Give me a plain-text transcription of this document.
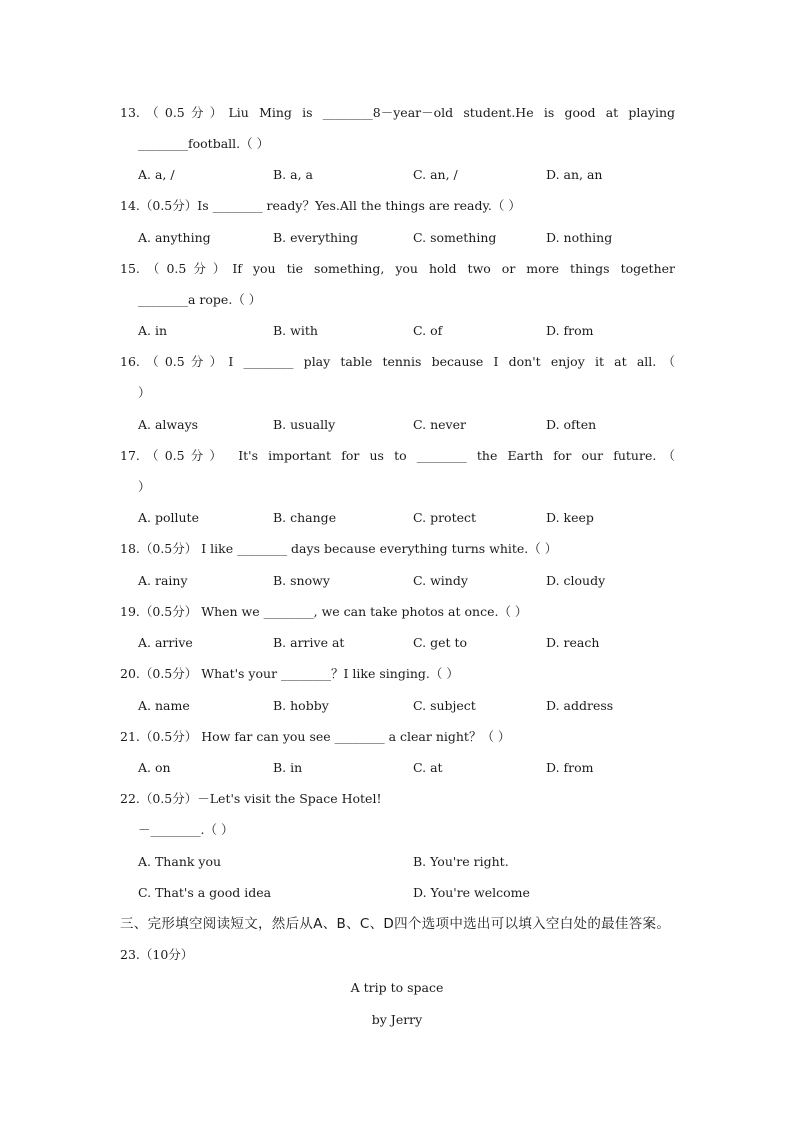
13.（0.5分）Liu Ming is ________8－year－old student.He is good at playing
________football.（ ）
A. a, /	B. a, a	C. an, /	D. an, an
14.（0.5分）Is ________ ready？Yes.All the things are ready.（ ）
A. anything	B. everything	C. something	D. nothing
15.（0.5分）If you tie something, you hold two or more things together
________a rope.（ ）
A. in	B. with	C. of	D. from
16.（0.5分）I ________ play table tennis because I don't enjoy it at all.（
）
A. always	B. usually	C. never	D. often
17.（0.5分） It's important for us to ________ the Earth for our future.（
）
A. pollute	B. change	C. protect	D. keep
18.（0.5分） I like ________ days because everything turns white.（ ）
A. rainy	B. snowy	C. windy	D. cloudy
19.（0.5分） When we ________, we can take photos at once.（ ）
A. arrive	B. arrive at	C. get to	D. reach
20.（0.5分） What's your ________？I like singing.（ ）
A. name	B. hobby	C. subject	D. address
21.（0.5分） How far can you see ________ a clear night？（ ）
A. on	B. in	C. at	D. from
22.（0.5分）－Let's visit the Space Hotel!
－________.（ ）
A. Thank you	B. You're right.
C. That's a good idea	D. You're welcome
三、完形填空阅读短文，然后从A、B、C、D四个选项中选出可以填入空白处的最佳答案。
23.（10分）
A trip to space
by Jerry
